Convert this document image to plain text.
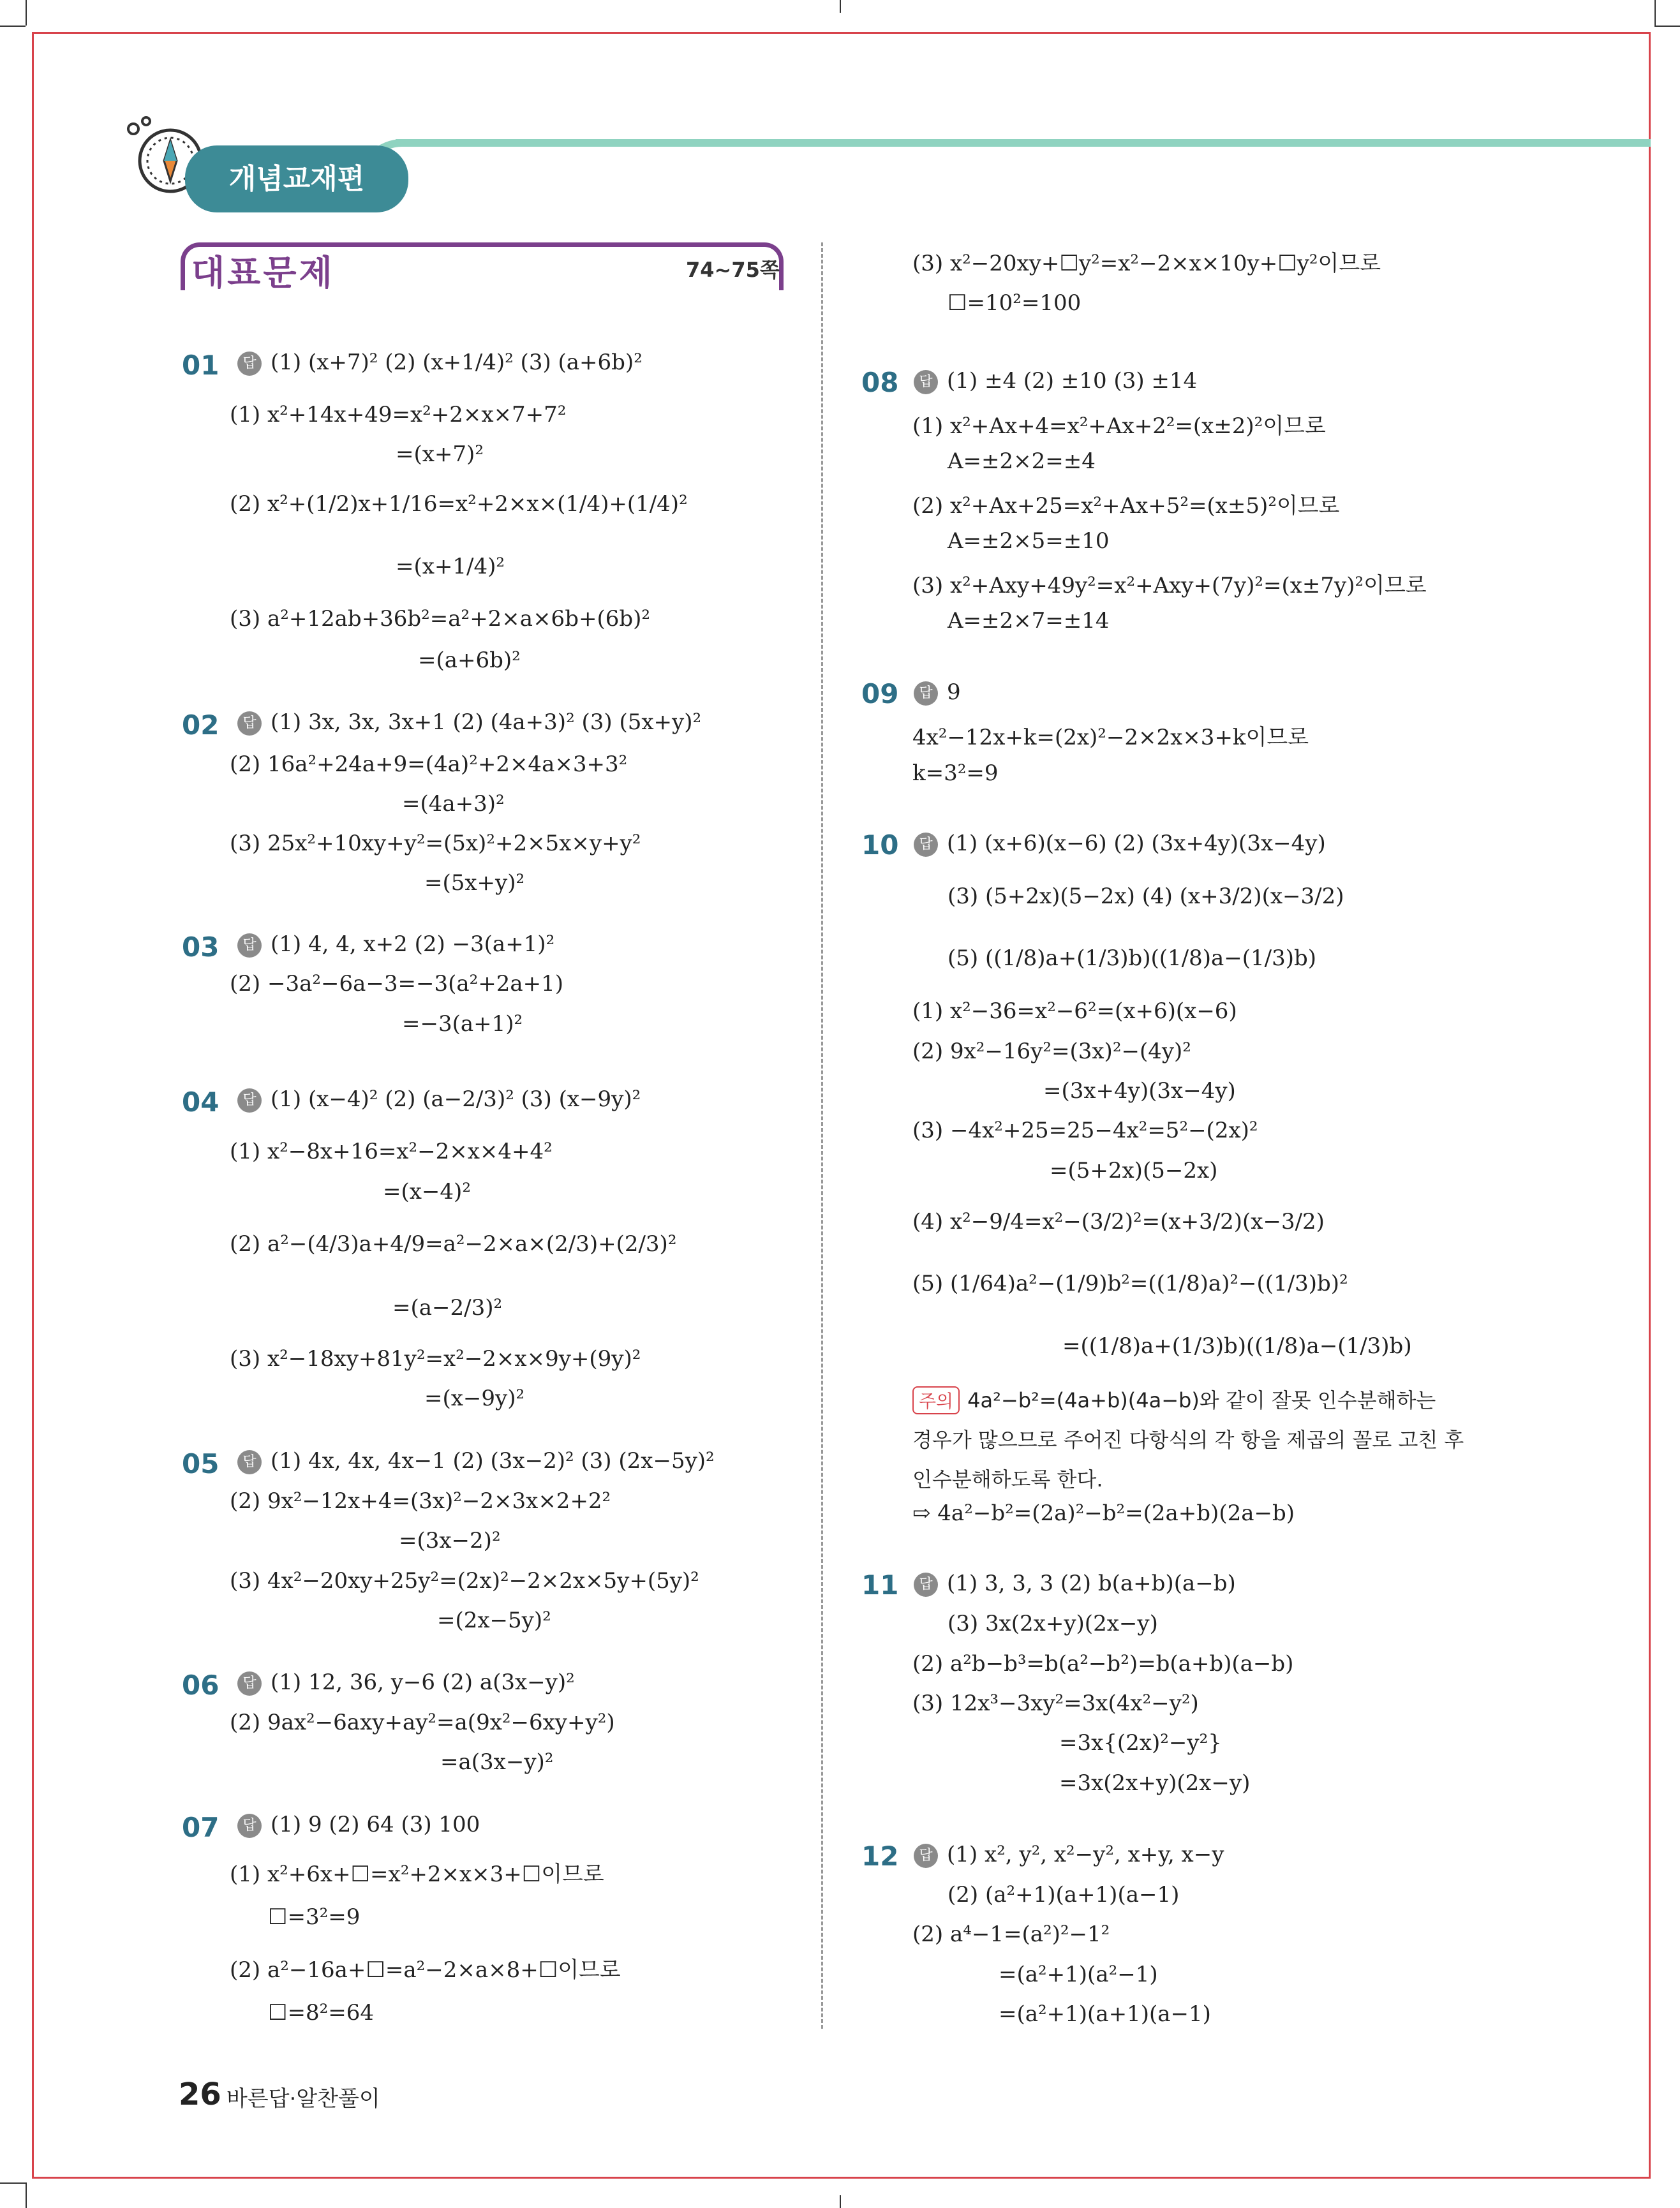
개념교재편
대표문제	74~75쪽
01	답 (1) (x+7)² (2) (x+1/4)² (3) (a+6b)²
(1) x²+14x+49=x²+2×x×7+7²
=(x+7)²
(2) x²+(1/2)x+1/16=x²+2×x×(1/4)+(1/4)²
=(x+1/4)²
(3) a²+12ab+36b²=a²+2×a×6b+(6b)²
=(a+6b)²
02	답 (1) 3x, 3x, 3x+1 (2) (4a+3)² (3) (5x+y)²
(2) 16a²+24a+9=(4a)²+2×4a×3+3²
=(4a+3)²
(3) 25x²+10xy+y²=(5x)²+2×5x×y+y²
=(5x+y)²
03	답 (1) 4, 4, x+2 (2) −3(a+1)²
(2) −3a²−6a−3=−3(a²+2a+1)
=−3(a+1)²
04	답 (1) (x−4)² (2) (a−2/3)² (3) (x−9y)²
(1) x²−8x+16=x²−2×x×4+4²
=(x−4)²
(2) a²−(4/3)a+4/9=a²−2×a×(2/3)+(2/3)²
=(a−2/3)²
(3) x²−18xy+81y²=x²−2×x×9y+(9y)²
=(x−9y)²
05	답 (1) 4x, 4x, 4x−1 (2) (3x−2)² (3) (2x−5y)²
(2) 9x²−12x+4=(3x)²−2×3x×2+2²
=(3x−2)²
(3) 4x²−20xy+25y²=(2x)²−2×2x×5y+(5y)²
=(2x−5y)²
06	답 (1) 12, 36, y−6 (2) a(3x−y)²
(2) 9ax²−6axy+ay²=a(9x²−6xy+y²)
=a(3x−y)²
07	답 (1) 9 (2) 64 (3) 100
(1) x²+6x+☐=x²+2×x×3+☐이므로
☐=3²=9
(2) a²−16a+☐=a²−2×a×8+☐이므로
☐=8²=64
(3) x²−20xy+☐y²=x²−2×x×10y+☐y²이므로
☐=10²=100
08	답 (1) ±4 (2) ±10 (3) ±14
(1) x²+Ax+4=x²+Ax+2²=(x±2)²이므로
A=±2×2=±4
(2) x²+Ax+25=x²+Ax+5²=(x±5)²이므로
A=±2×5=±10
(3) x²+Axy+49y²=x²+Axy+(7y)²=(x±7y)²이므로
A=±2×7=±14
09	답 9
4x²−12x+k=(2x)²−2×2x×3+k이므로
k=3²=9
10	답 (1) (x+6)(x−6) (2) (3x+4y)(3x−4y)
(3) (5+2x)(5−2x) (4) (x+3/2)(x−3/2)
(5) ((1/8)a+(1/3)b)((1/8)a−(1/3)b)
(1) x²−36=x²−6²=(x+6)(x−6)
(2) 9x²−16y²=(3x)²−(4y)²
=(3x+4y)(3x−4y)
(3) −4x²+25=25−4x²=5²−(2x)²
=(5+2x)(5−2x)
(4) x²−9/4=x²−(3/2)²=(x+3/2)(x−3/2)
(5) (1/64)a²−(1/9)b²=((1/8)a)²−((1/3)b)²
=((1/8)a+(1/3)b)((1/8)a−(1/3)b)
주의 4a²−b²=(4a+b)(4a−b)와 같이 잘못 인수분해하는
경우가 많으므로 주어진 다항식의 각 항을 제곱의 꼴로 고친 후
인수분해하도록 한다.
⇨ 4a²−b²=(2a)²−b²=(2a+b)(2a−b)
11	답 (1) 3, 3, 3 (2) b(a+b)(a−b)
(3) 3x(2x+y)(2x−y)
(2) a²b−b³=b(a²−b²)=b(a+b)(a−b)
(3) 12x³−3xy²=3x(4x²−y²)
=3x{(2x)²−y²}
=3x(2x+y)(2x−y)
12	답 (1) x², y², x²−y², x+y, x−y
(2) (a²+1)(a+1)(a−1)
(2) a⁴−1=(a²)²−1²
=(a²+1)(a²−1)
=(a²+1)(a+1)(a−1)
26 바른답·알찬풀이
